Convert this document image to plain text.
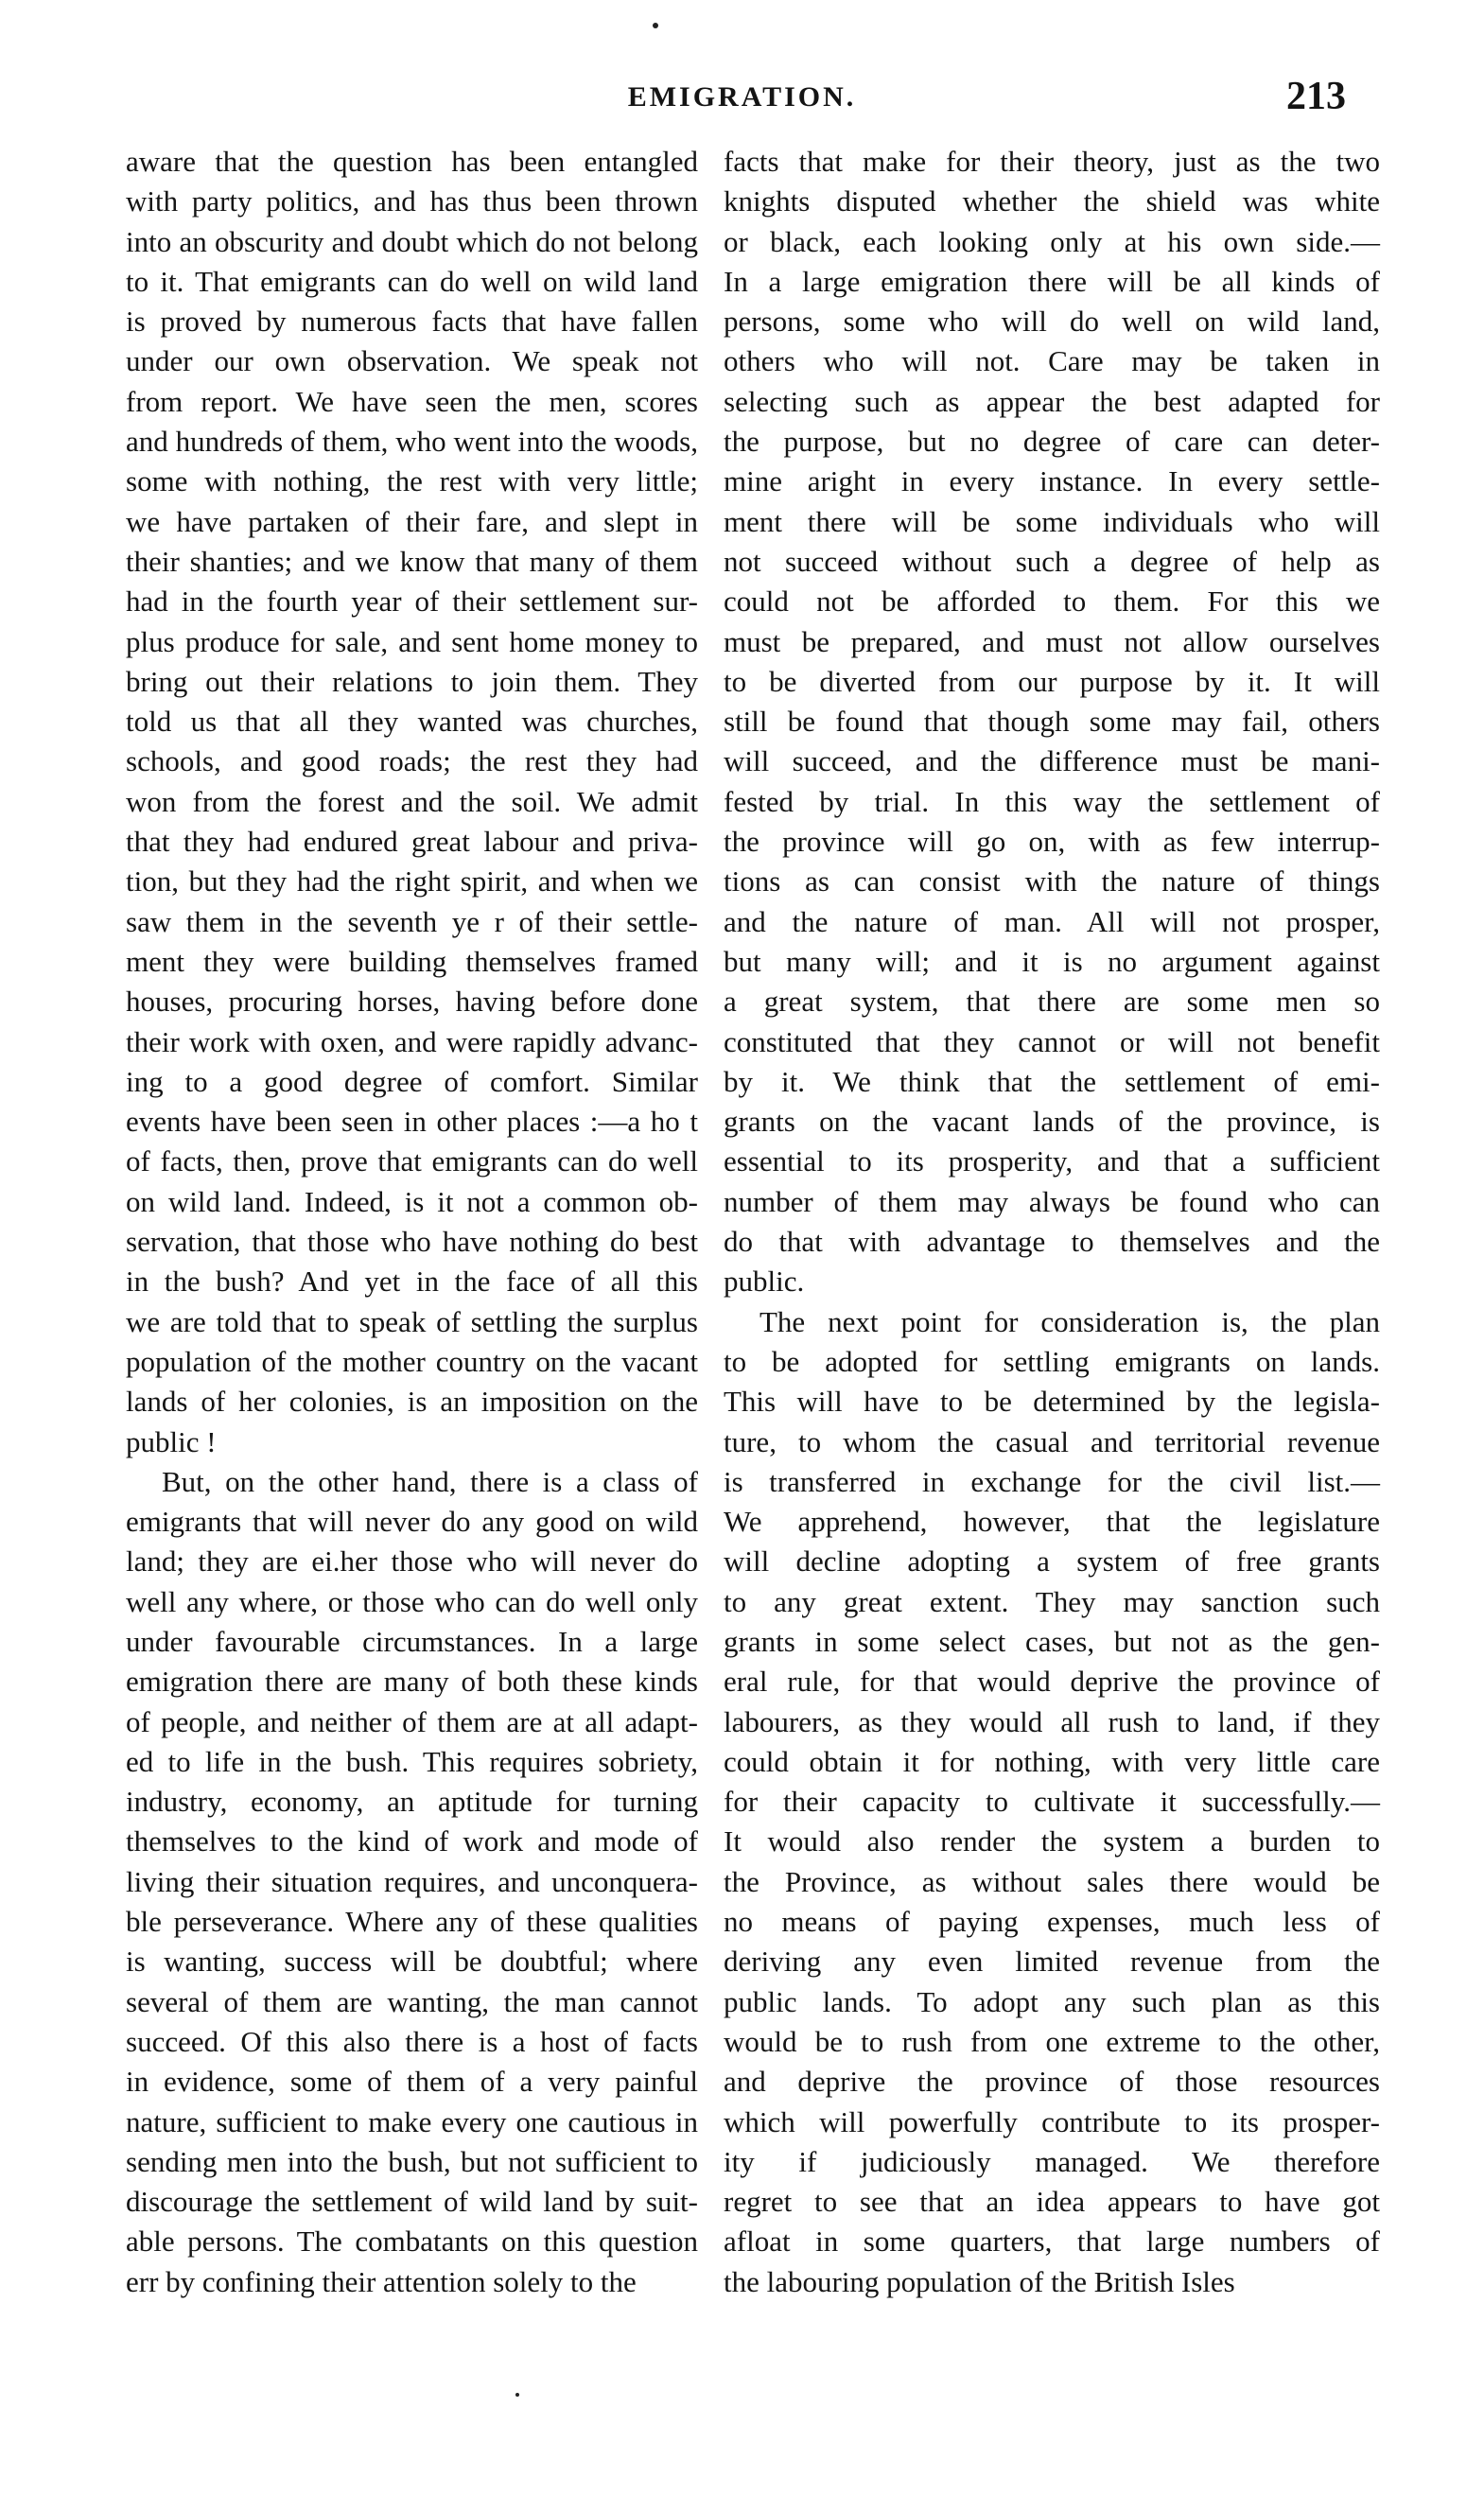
EMIGRATION.	213
aware that the question has been entangled
with party politics, and has thus been thrown
into an obscurity and doubt which do not belong
to it. That emigrants can do well on wild land
is proved by numerous facts that have fallen
under our own observation. We speak not
from report. We have seen the men, scores
and hundreds of them, who went into the woods,
some with nothing, the rest with very little;
we have partaken of their fare, and slept in
their shanties; and we know that many of them
had in the fourth year of their settlement sur-
plus produce for sale, and sent home money to
bring out their relations to join them. They
told us that all they wanted was churches,
schools, and good roads; the rest they had
won from the forest and the soil. We admit
that they had endured great labour and priva-
tion, but they had the right spirit, and when we
saw them in the seventh ye r of their settle-
ment they were building themselves framed
houses, procuring horses, having before done
their work with oxen, and were rapidly advanc-
ing to a good degree of comfort. Similar
events have been seen in other places :—a ho t
of facts, then, prove that emigrants can do well
on wild land. Indeed, is it not a common ob-
servation, that those who have nothing do best
in the bush? And yet in the face of all this
we are told that to speak of settling the surplus
population of the mother country on the vacant
lands of her colonies, is an imposition on the
public !
But, on the other hand, there is a class of
emigrants that will never do any good on wild
land; they are ei.her those who will never do
well any where, or those who can do well only
under favourable circumstances. In a large
emigration there are many of both these kinds
of people, and neither of them are at all adapt-
ed to life in the bush. This requires sobriety,
industry, economy, an aptitude for turning
themselves to the kind of work and mode of
living their situation requires, and unconquera-
ble perseverance. Where any of these qualities
is wanting, success will be doubtful; where
several of them are wanting, the man cannot
succeed. Of this also there is a host of facts
in evidence, some of them of a very painful
nature, sufficient to make every one cautious in
sending men into the bush, but not sufficient to
discourage the settlement of wild land by suit-
able persons. The combatants on this question
err by confining their attention solely to the
facts that make for their theory, just as the two
knights disputed whether the shield was white
or black, each looking only at his own side.—
In a large emigration there will be all kinds of
persons, some who will do well on wild land,
others who will not. Care may be taken in
selecting such as appear the best adapted for
the purpose, but no degree of care can deter-
mine aright in every instance. In every settle-
ment there will be some individuals who will
not succeed without such a degree of help as
could not be afforded to them. For this we
must be prepared, and must not allow ourselves
to be diverted from our purpose by it. It will
still be found that though some may fail, others
will succeed, and the difference must be mani-
fested by trial. In this way the settlement of
the province will go on, with as few interrup-
tions as can consist with the nature of things
and the nature of man. All will not prosper,
but many will; and it is no argument against
a great system, that there are some men so
constituted that they cannot or will not benefit
by it. We think that the settlement of emi-
grants on the vacant lands of the province, is
essential to its prosperity, and that a sufficient
number of them may always be found who can
do that with advantage to themselves and the
public.
The next point for consideration is, the plan
to be adopted for settling emigrants on lands.
This will have to be determined by the legisla-
ture, to whom the casual and territorial revenue
is transferred in exchange for the civil list.—
We apprehend, however, that the legislature
will decline adopting a system of free grants
to any great extent. They may sanction such
grants in some select cases, but not as the gen-
eral rule, for that would deprive the province of
labourers, as they would all rush to land, if they
could obtain it for nothing, with very little care
for their capacity to cultivate it successfully.—
It would also render the system a burden to
the Province, as without sales there would be
no means of paying expenses, much less of
deriving any even limited revenue from the
public lands. To adopt any such plan as this
would be to rush from one extreme to the other,
and deprive the province of those resources
which will powerfully contribute to its prosper-
ity if judiciously managed. We therefore
regret to see that an idea appears to have got
afloat in some quarters, that large numbers of
the labouring population of the British Isles
